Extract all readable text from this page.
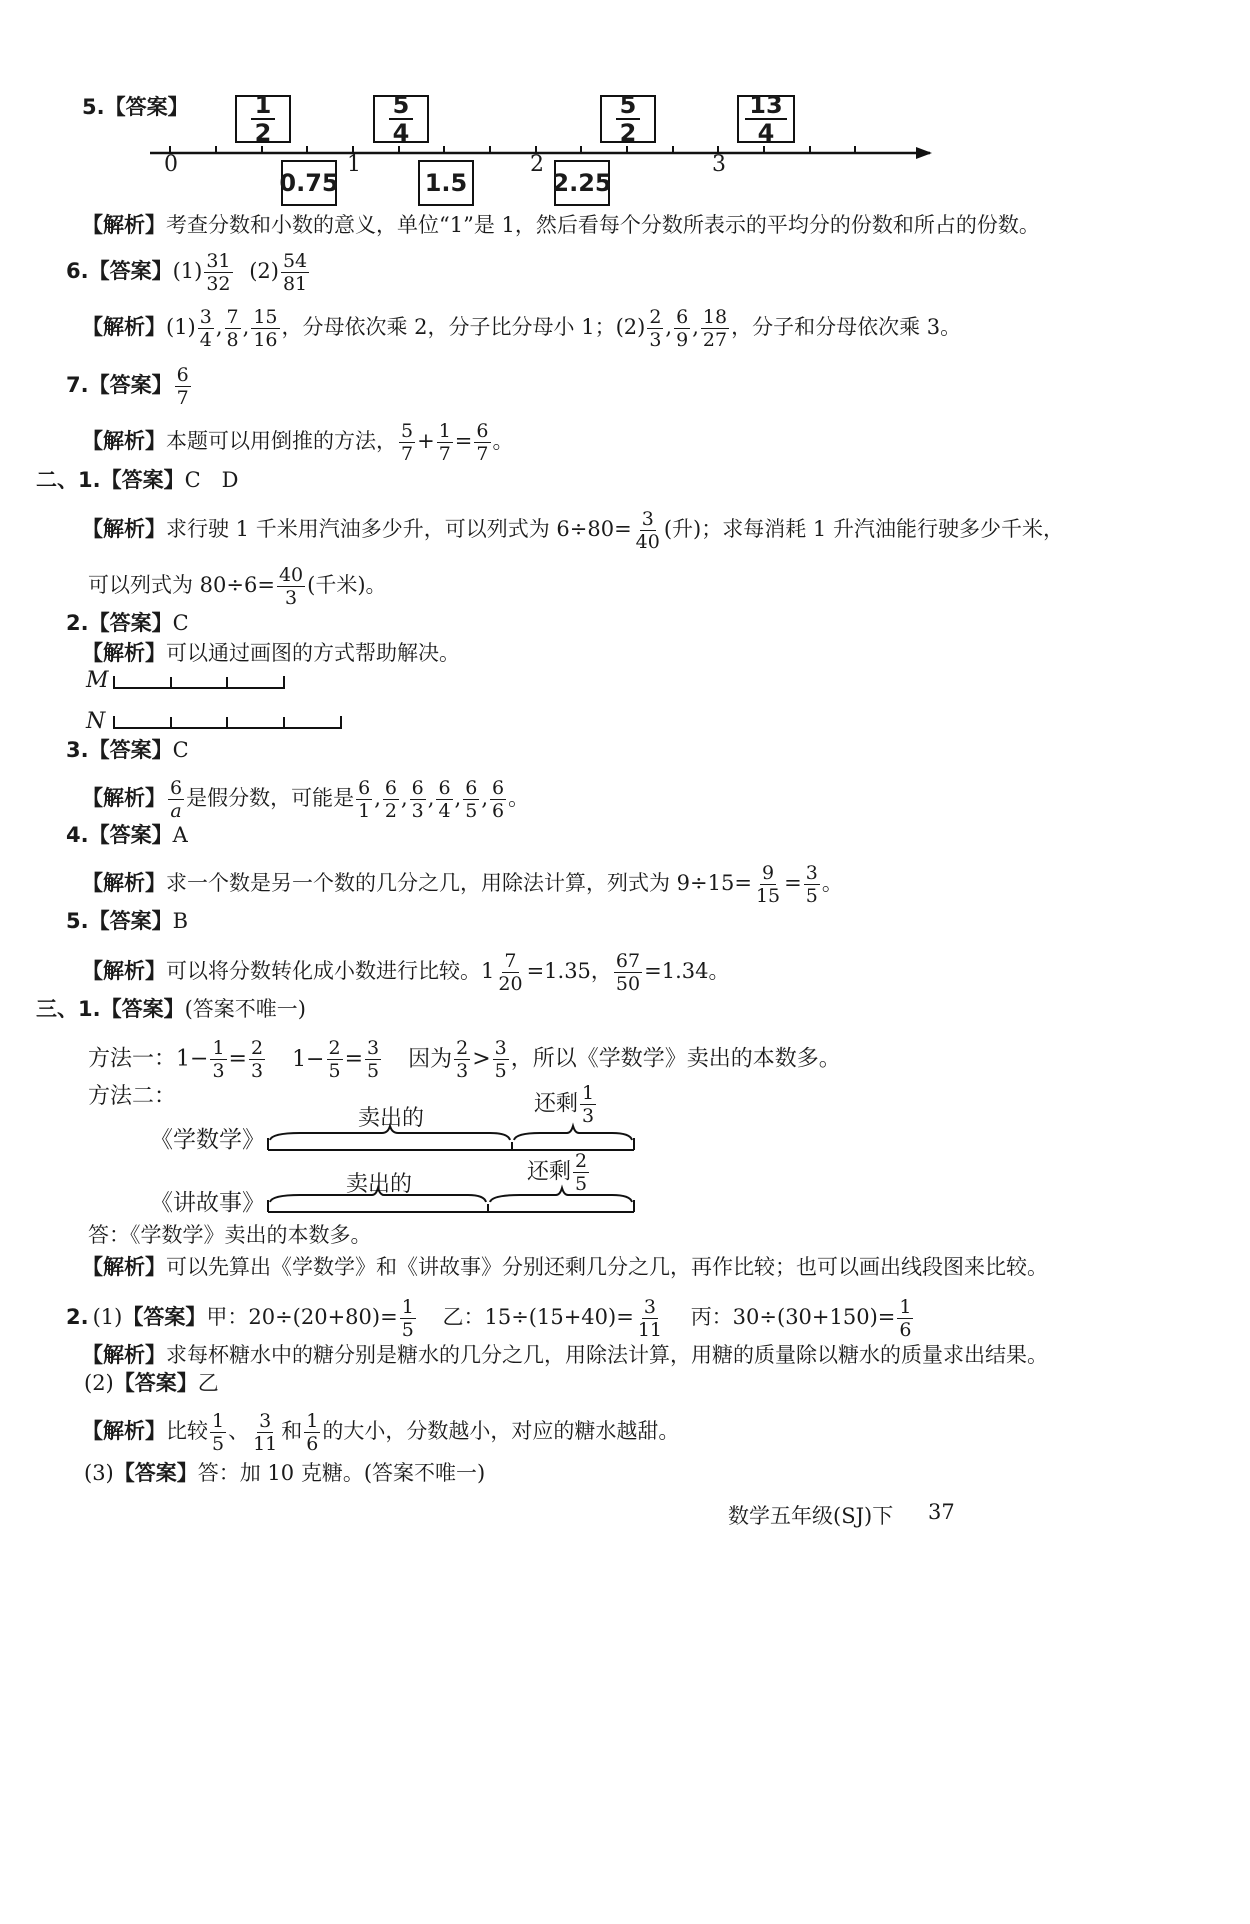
5.【答案】
0	1	2	3
1
2
5
4
5
2
13
4
0.75	1.5	2.25
【解析】考查分数和小数的意义，单位“1”是 1，然后看每个分数所表示的平均分的份数和所占的份数。
6.【答案】$(1) \frac{31}{32} (2) \frac{54}{81}$
【解析】$(1) \frac{3}{4}$ , $\frac{7}{8}$ , $\frac{15}{16}$ ，分母依次乘 2，分子比分母小 1；$(2) \frac{2}{3}$ , $\frac{6}{9}$ , $\frac{18}{27}$ ，分子和分母依次乘 3。
7.【答案】 $\frac{6}{7}$
【解析】本题可以用倒推的方法， $\frac{5}{7} + \frac{1}{7} = \frac{6}{7}$ 。
二、1.【答案】C　D
【解析】求行驶 1 千米用汽油多少升，可以列式为 $6\div 80= \frac{3}{40}$ (升)；求每消耗 1 升汽油能行驶多少千米，
可以列式为 $80\div 6= \frac{40}{3}$ (千米)。
2.【答案】C
【解析】可以通过画图的方式帮助解决。
M
N
3.【答案】C
【解析】 $\frac{6}{a}$ 是假分数，可能是 $\frac{6}{1}$ , $\frac{6}{2}$ , $\frac{6}{3}$ , $\frac{6}{4}$ , $\frac{6}{5}$ , $\frac{6}{6}$ 。
4.【答案】A
【解析】求一个数是另一个数的几分之几，用除法计算，列式为 $9\div 15= \frac{9}{15} = \frac{3}{5}$ 。
5.【答案】B
【解析】可以将分数转化成小数进行比较。$1 \frac{7}{20} =1.35$， $\frac{67}{50} =1.34$。
三、1.【答案】(答案不唯一)
方法一：$1- \frac{1}{3} = \frac{2}{3} 1- \frac{2}{5} = \frac{3}{5}$ 因为 $\frac{2}{3} > \frac{3}{5}$ ，所以《学数学》卖出的本数多。
方法二：
《学数学》
卖出的
还剩 $\frac{1}{3}$
《讲故事》
卖出的	还剩 $\frac{2}{5}$
答：《学数学》卖出的本数多。
【解析】可以先算出《学数学》和《讲故事》分别还剩几分之几，再作比较；也可以画出线段图来比较。
2. (1)【答案】甲：$20\div(20+80)= \frac{1}{5}$ 乙：$15\div(15+40)= \frac{3}{11}$ 丙：$30\div(30+150)= \frac{1}{6}$
【解析】求每杯糖水中的糖分别是糖水的几分之几，用除法计算，用糖的质量除以糖水的质量求出结果。
(2)【答案】乙
【解析】比较 $\frac{1}{5}$ 、 $\frac{3}{11}$ 和 $\frac{1}{6}$ 的大小，分数越小，对应的糖水越甜。
(3)【答案】答：加 10 克糖。(答案不唯一)
数学五年级(SJ)下 37
